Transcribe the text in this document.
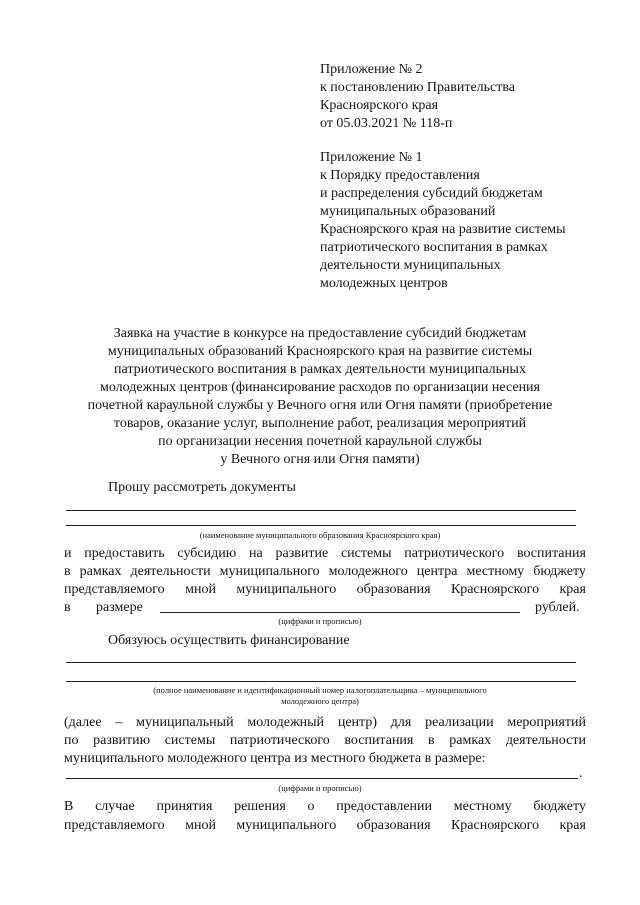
Приложение № 2
к постановлению Правительства
Красноярского края
от 05.03.2021 № 118-п
Приложение № 1
к Порядку предоставления
и распределения субсидий бюджетам
муниципальных образований
Красноярского края на развитие системы
патриотического воспитания в рамках
деятельности муниципальных
молодежных центров
Заявка на участие в конкурсе на предоставление субсидий бюджетам
муниципальных образований Красноярского края на развитие системы
патриотического воспитания в рамках деятельности муниципальных
молодежных центров (финансирование расходов по организации несения
почетной караульной службы у Вечного огня или Огня памяти (приобретение
товаров, оказание услуг, выполнение работ, реализация мероприятий
по организации несения почетной караульной службы
у Вечного огня или Огня памяти)
Прошу рассмотреть документы
(наименование муниципального образования Красноярского края)
и предоставить субсидию на развитие системы патриотического воспитания
в рамках деятельности муниципального молодежного центра местному бюджету
представляемого мной муниципального образования Красноярского края
в размере	рублей.
(цифрами и прописью)
Обязуюсь осуществить финансирование
(полное наименование и идентификационный номер налогоплательщика – муниципального
молодежного центра)
(далее – муниципальный молодежный центр) для реализации мероприятий
по развитию системы патриотического воспитания в рамках деятельности
муниципального молодежного центра из местного бюджета в размере:
.
(цифрами и прописью)
В случае принятия решения о предоставлении местному бюджету
представляемого мной муниципального образования Красноярского края
